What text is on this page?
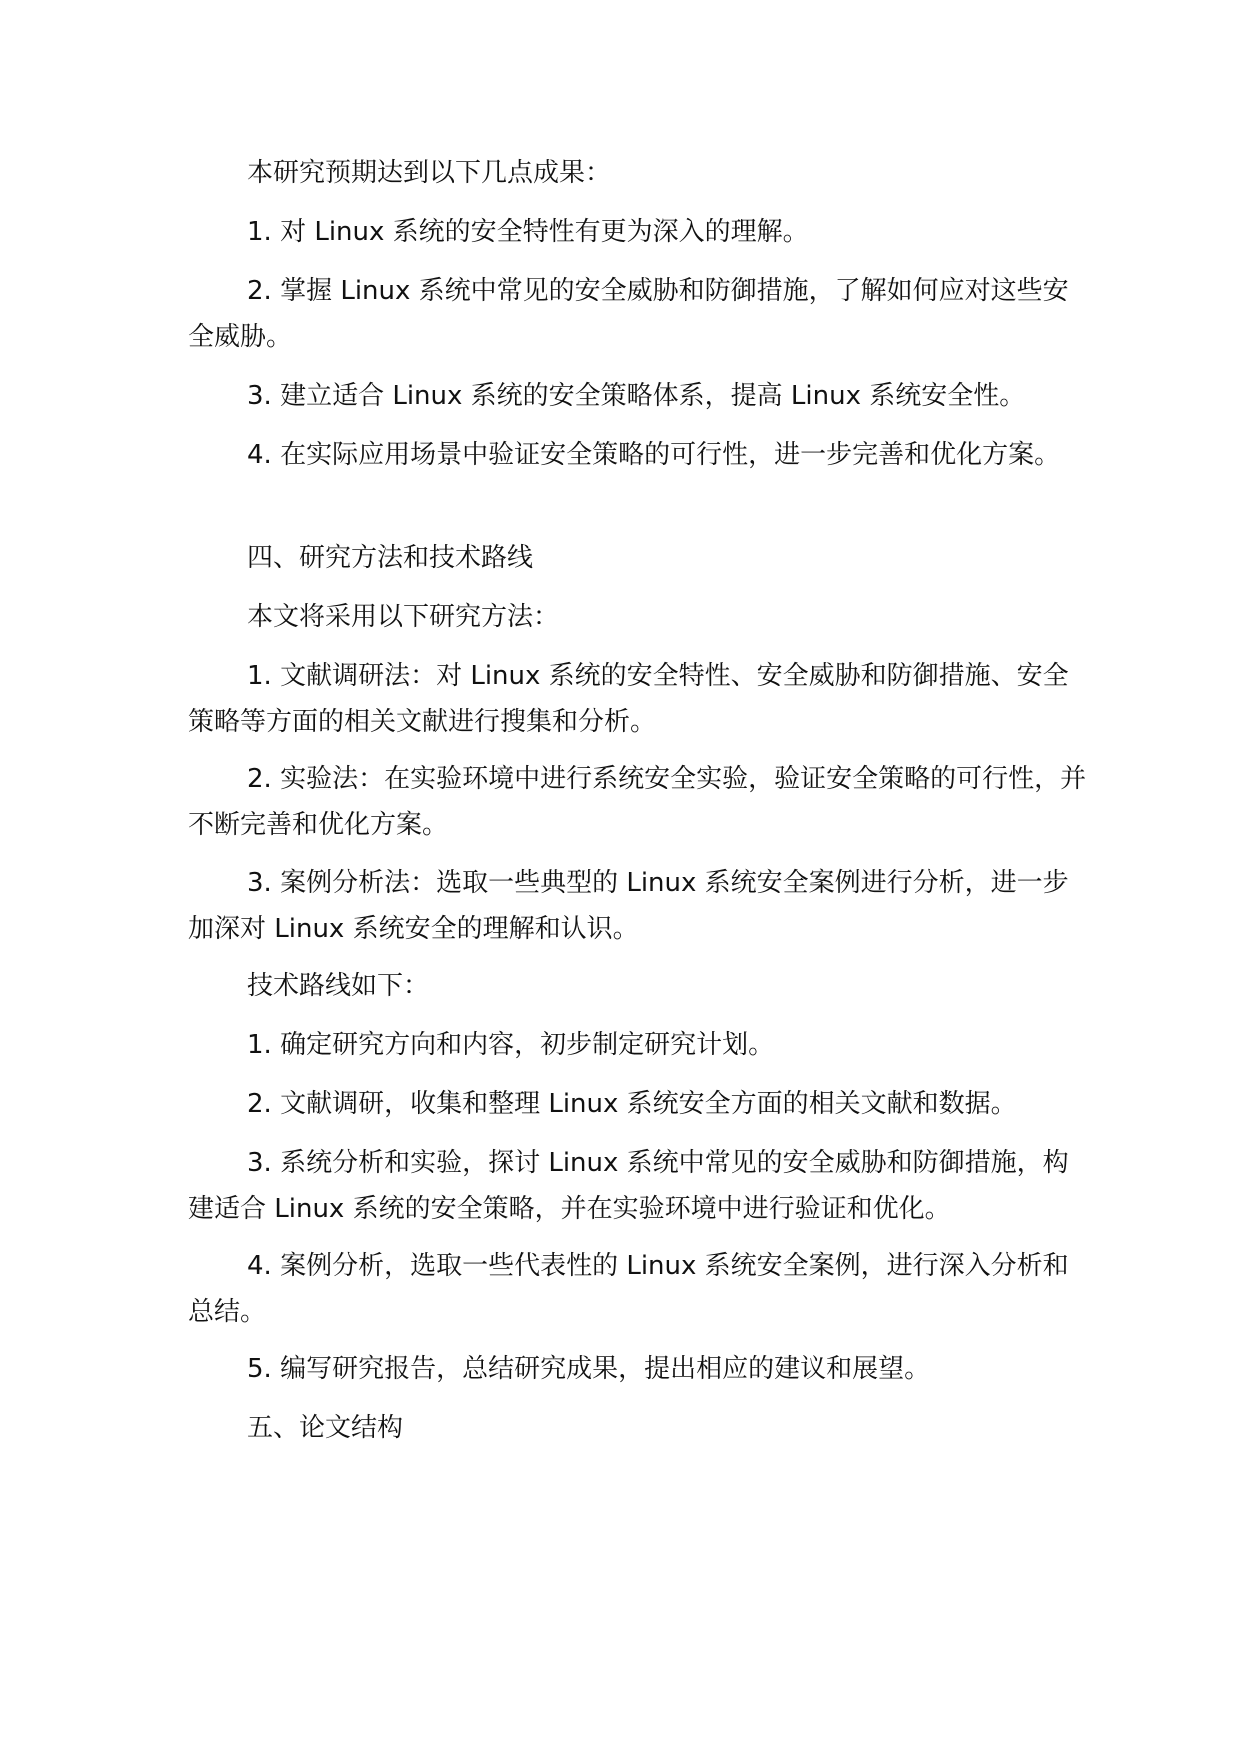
本研究预期达到以下几点成果：

1. 对 Linux 系统的安全特性有更为深入的理解。

2. 掌握 Linux 系统中常见的安全威胁和防御措施，了解如何应对这些安全威胁。

3. 建立适合 Linux 系统的安全策略体系，提高 Linux 系统安全性。

4. 在实际应用场景中验证安全策略的可行性，进一步完善和优化方案。

四、研究方法和技术路线

本文将采用以下研究方法：

1. 文献调研法：对 Linux 系统的安全特性、安全威胁和防御措施、安全策略等方面的相关文献进行搜集和分析。

2. 实验法：在实验环境中进行系统安全实验，验证安全策略的可行性，并不断完善和优化方案。

3. 案例分析法：选取一些典型的 Linux 系统安全案例进行分析，进一步加深对 Linux 系统安全的理解和认识。

技术路线如下：

1. 确定研究方向和内容，初步制定研究计划。

2. 文献调研，收集和整理 Linux 系统安全方面的相关文献和数据。

3. 系统分析和实验，探讨 Linux 系统中常见的安全威胁和防御措施，构建适合 Linux 系统的安全策略，并在实验环境中进行验证和优化。

4. 案例分析，选取一些代表性的 Linux 系统安全案例，进行深入分析和总结。

5. 编写研究报告，总结研究成果，提出相应的建议和展望。

五、论文结构
